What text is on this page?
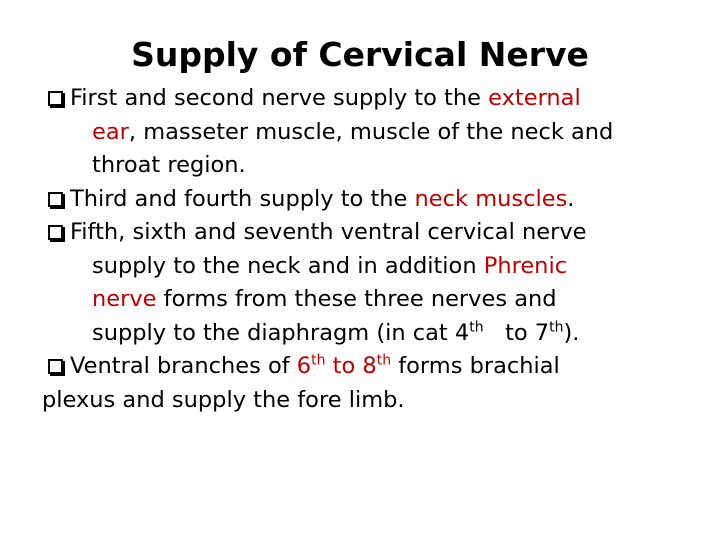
Supply of Cervical Nerve
First and second nerve supply to the external
ear, masseter muscle, muscle of the neck and
throat region.
Third and fourth supply to the neck muscles.
Fifth, sixth and seventh ventral cervical nerve
supply to the neck and in addition Phrenic
nerve forms from these three nerves and
supply to the diaphragm (in cat 4th   to 7th).
Ventral branches of 6th to 8th forms brachial
plexus and supply the fore limb.
